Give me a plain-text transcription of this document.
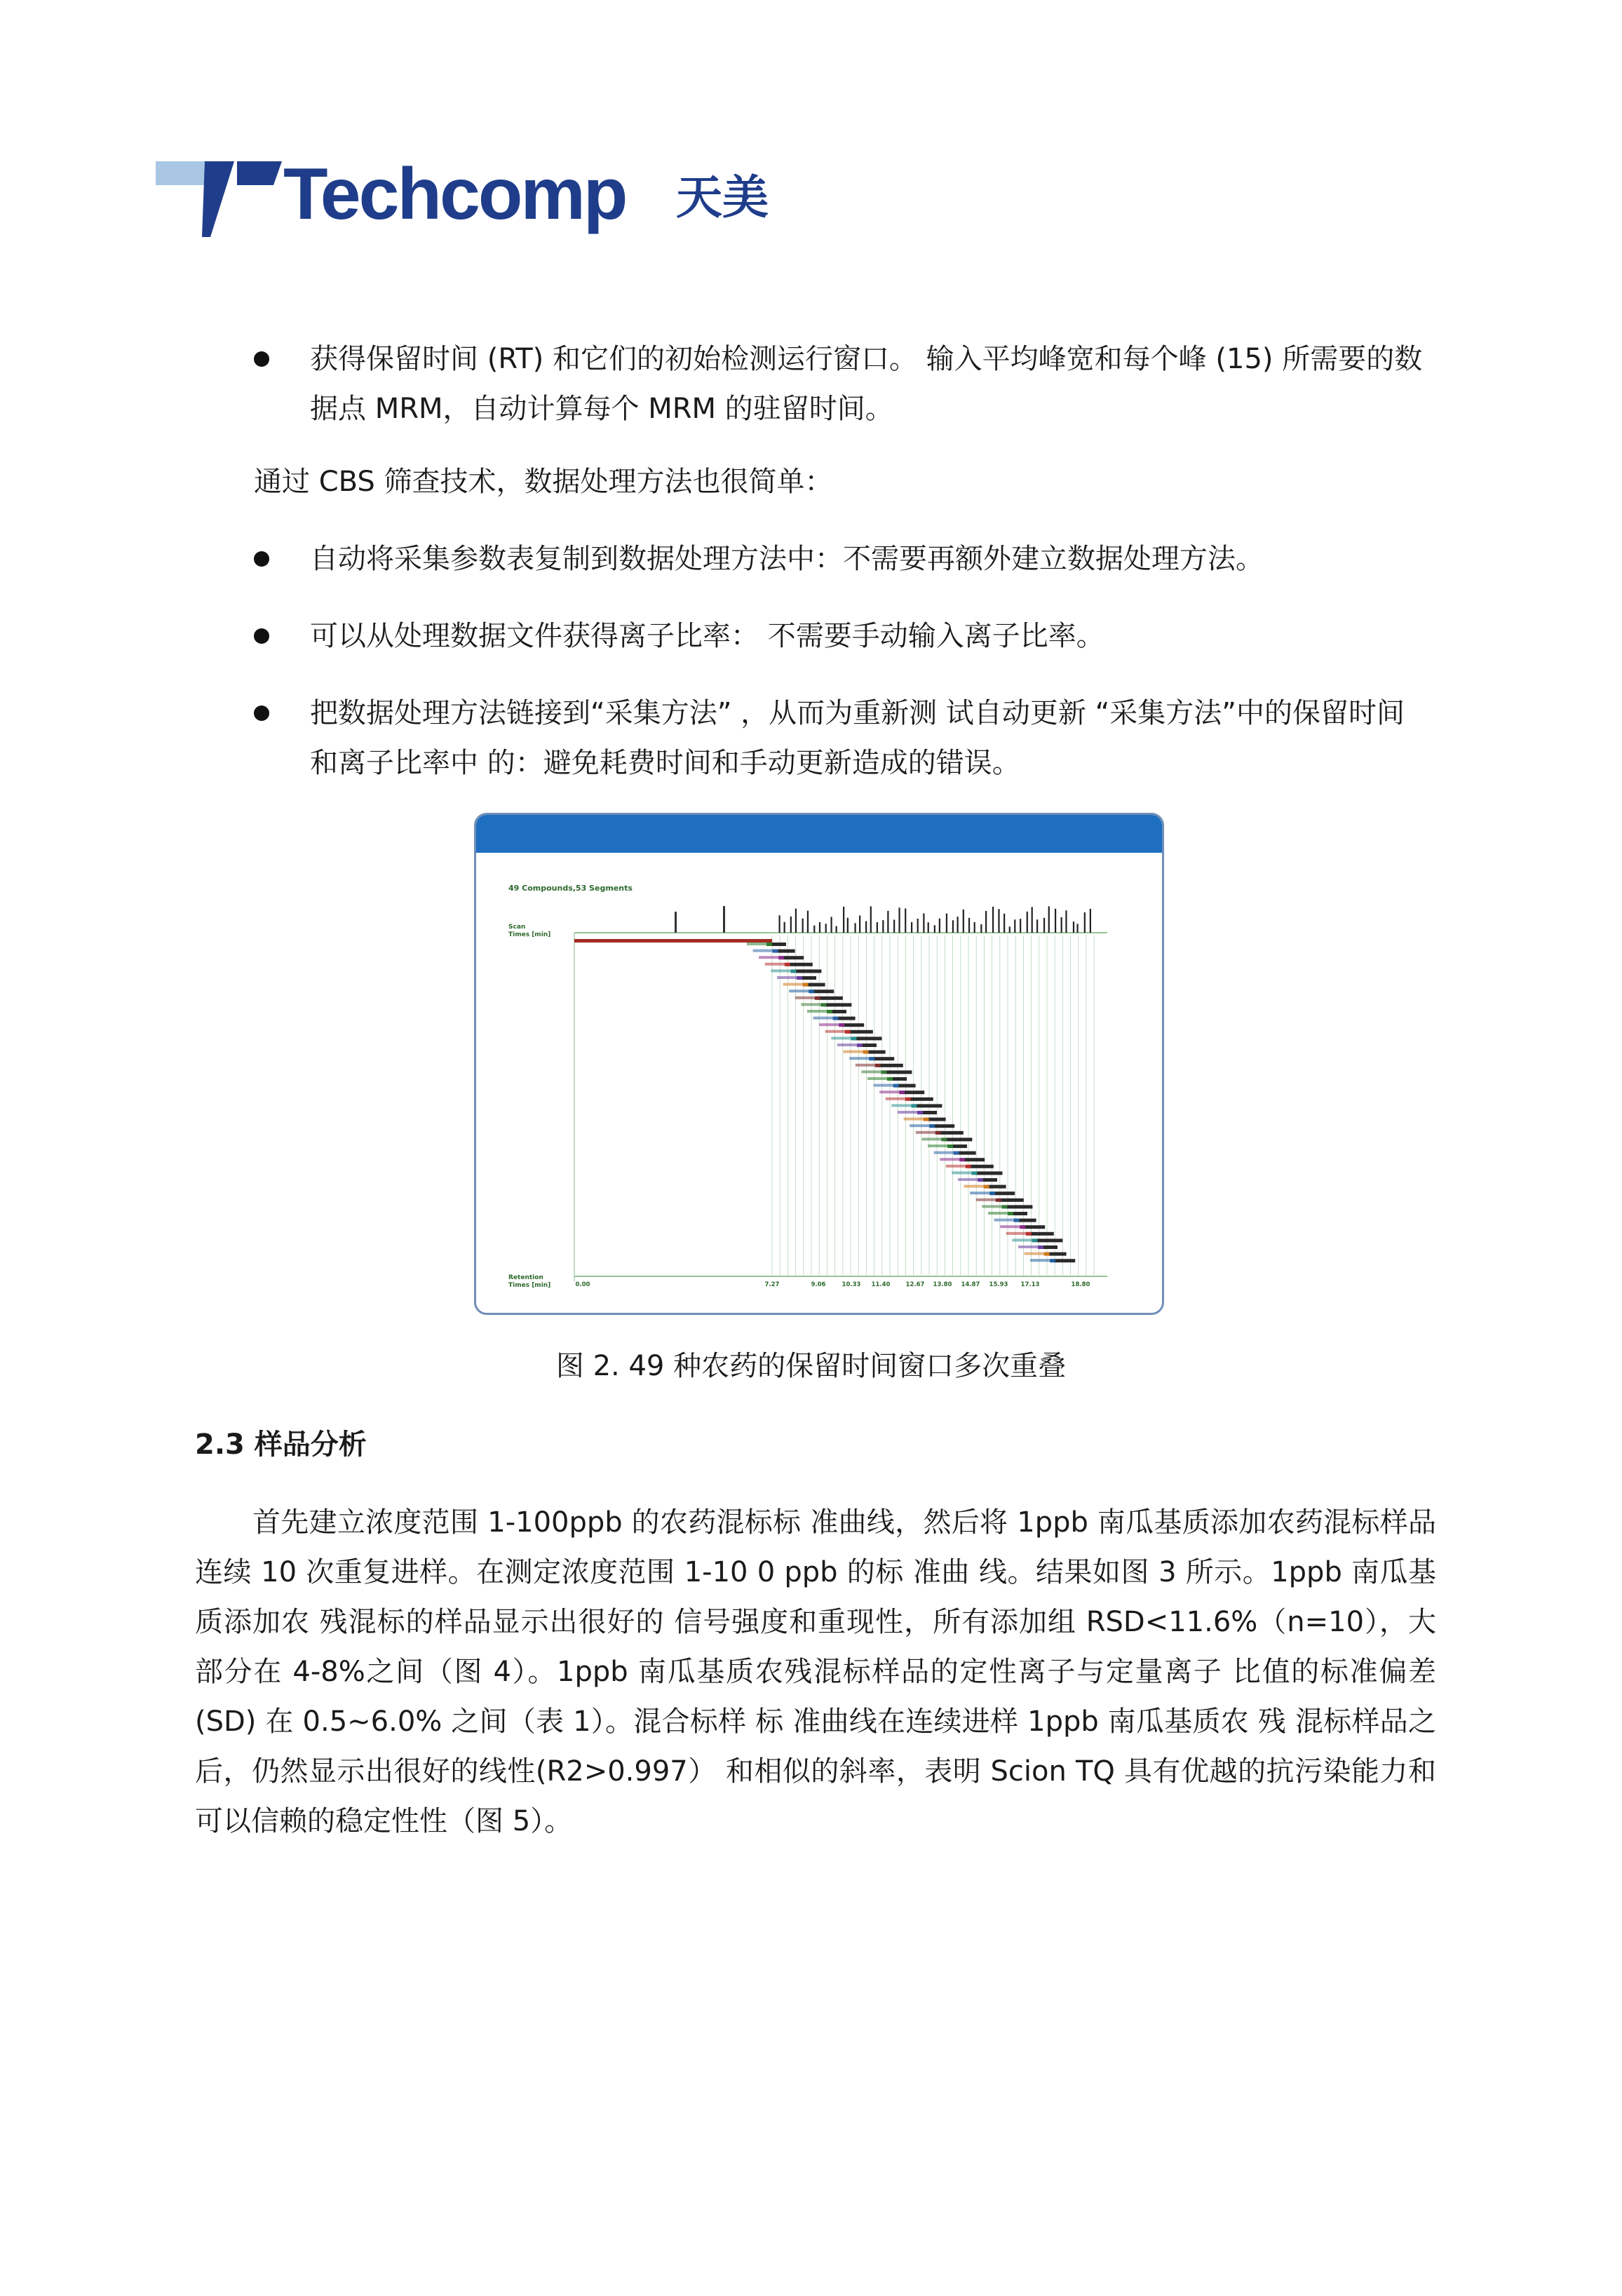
Techcomp 天美
获得保留时间 (RT) 和它们的初始检测运行窗口。 输入平均峰宽和每个峰 (15) 所需要的数据点 MRM，自动计算每个 MRM 的驻留时间。
通过 CBS 筛查技术，数据处理方法也很简单：
自动将采集参数表复制到数据处理方法中：不需要再额外建立数据处理方法。
可以从处理数据文件获得离子比率： 不需要手动输入离子比率。
把数据处理方法链接到“采集方法” ，从而为重新测 试自动更新 “采集方法”中的保留时间和离子比率中 的：避免耗费时间和手动更新造成的错误。
49 Compounds,53 Segments
Scan Times [min]
Retention Times [min]	0.00	7.27	9.06	10.33 11.40	12.67 13.80 14.87 15.93 17.13	18.80
图 2. 49 种农药的保留时间窗口多次重叠
2.3 样品分析
首先建立浓度范围 1-100ppb 的农药混标标 准曲线，然后将 1ppb 南瓜基质添加农药混标样品连续 10 次重复进样。在测定浓度范围 1-10 0 ppb 的标 准曲 线。结果如图 3 所示。1ppb 南瓜基质添加农 残混标的样品显示出很好的 信号强度和重现性，所有添加组 RSD<11.6%（n=10），大部分在 4-8%之间（图 4）。1ppb 南瓜基质农残混标样品的定性离子与定量离子 比值的标准偏差 (SD) 在 0.5~6.0% 之间（表 1）。混合标样 标 准曲线在连续进样 1ppb 南瓜基质农 残 混标样品之后，仍然显示出很好的线性(R2>0.997） 和相似的斜率，表明 Scion TQ 具有优越的抗污染能力和可以信赖的稳定性性（图 5）。
